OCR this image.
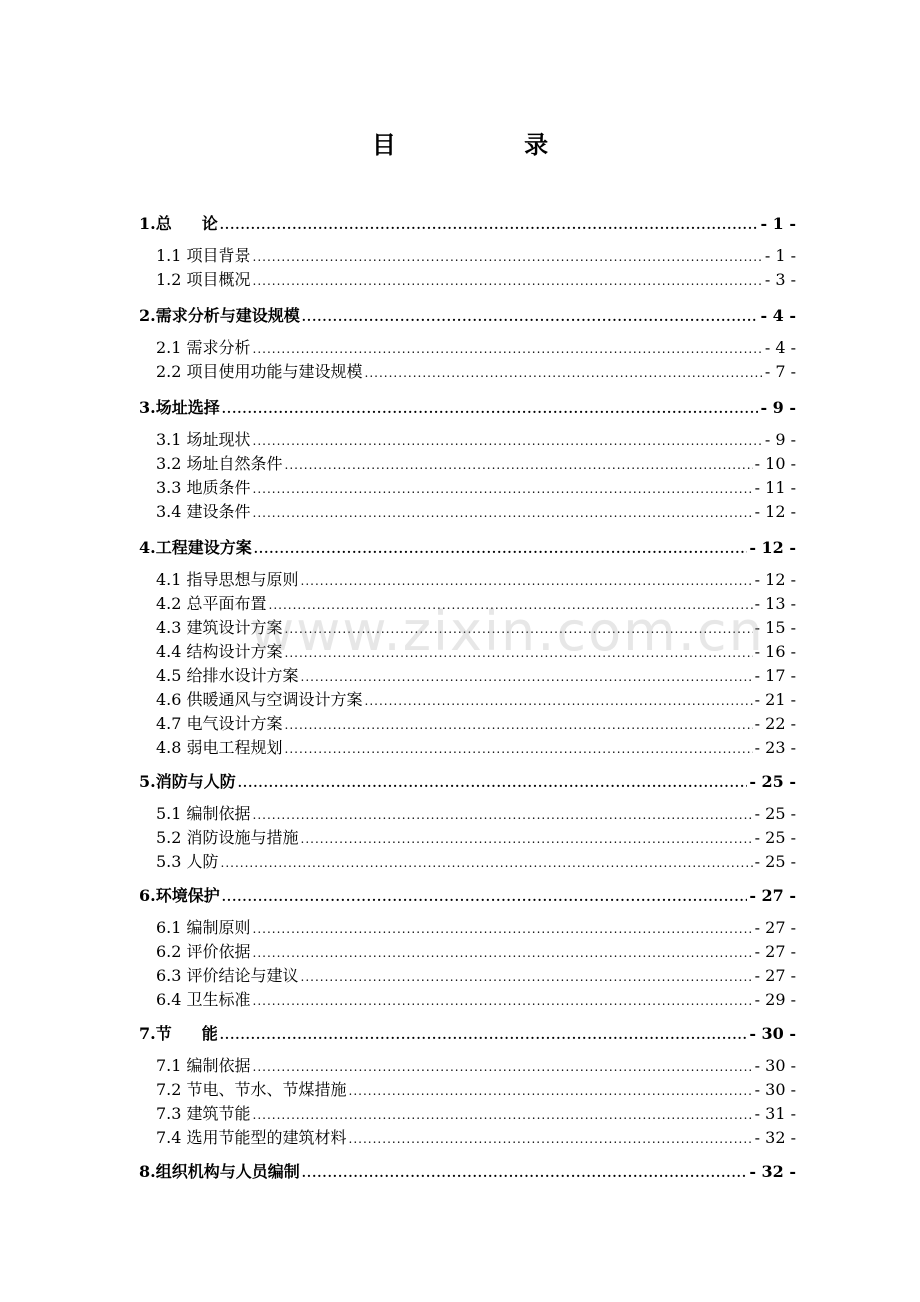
目 录
1.总 论 .....	- 1 -
1.1 项目背景 .....	- 1 -
1.2 项目概况 .....	- 3 -
2.需求分析与建设规模 .....	- 4 -
2.1 需求分析 .....	- 4 -
2.2 项目使用功能与建设规模 .....	- 7 -
3.场址选择 .....	- 9 -
3.1 场址现状 .....	- 9 -
3.2 场址自然条件 .....	- 10 -
3.3 地质条件 .....	- 11 -
3.4 建设条件 .....	- 12 -
4.工程建设方案 .....	- 12 -
4.1 指导思想与原则 .....	- 12 -
4.2 总平面布置 .....	- 13 -
4.3 建筑设计方案 .....	- 15 -
4.4 结构设计方案 .....	- 16 -
4.5 给排水设计方案 .....	- 17 -
4.6 供暖通风与空调设计方案 .....	- 21 -
4.7 电气设计方案 .....	- 22 -
4.8 弱电工程规划 .....	- 23 -
5.消防与人防 .....	- 25 -
5.1 编制依据 .....	- 25 -
5.2 消防设施与措施 .....	- 25 -
5.3 人防 .....	- 25 -
6.环境保护 .....	- 27 -
6.1 编制原则 .....	- 27 -
6.2 评价依据 .....	- 27 -
6.3 评价结论与建议 .....	- 27 -
6.4 卫生标准 .....	- 29 -
7.节 能 .....	- 30 -
7.1 编制依据 .....	- 30 -
7.2 节电、节水、节煤措施 .....	- 30 -
7.3 建筑节能 .....	- 31 -
7.4 选用节能型的建筑材料 .....	- 32 -
8.组织机构与人员编制 .....	- 32 -
www.zixin.com.cn
